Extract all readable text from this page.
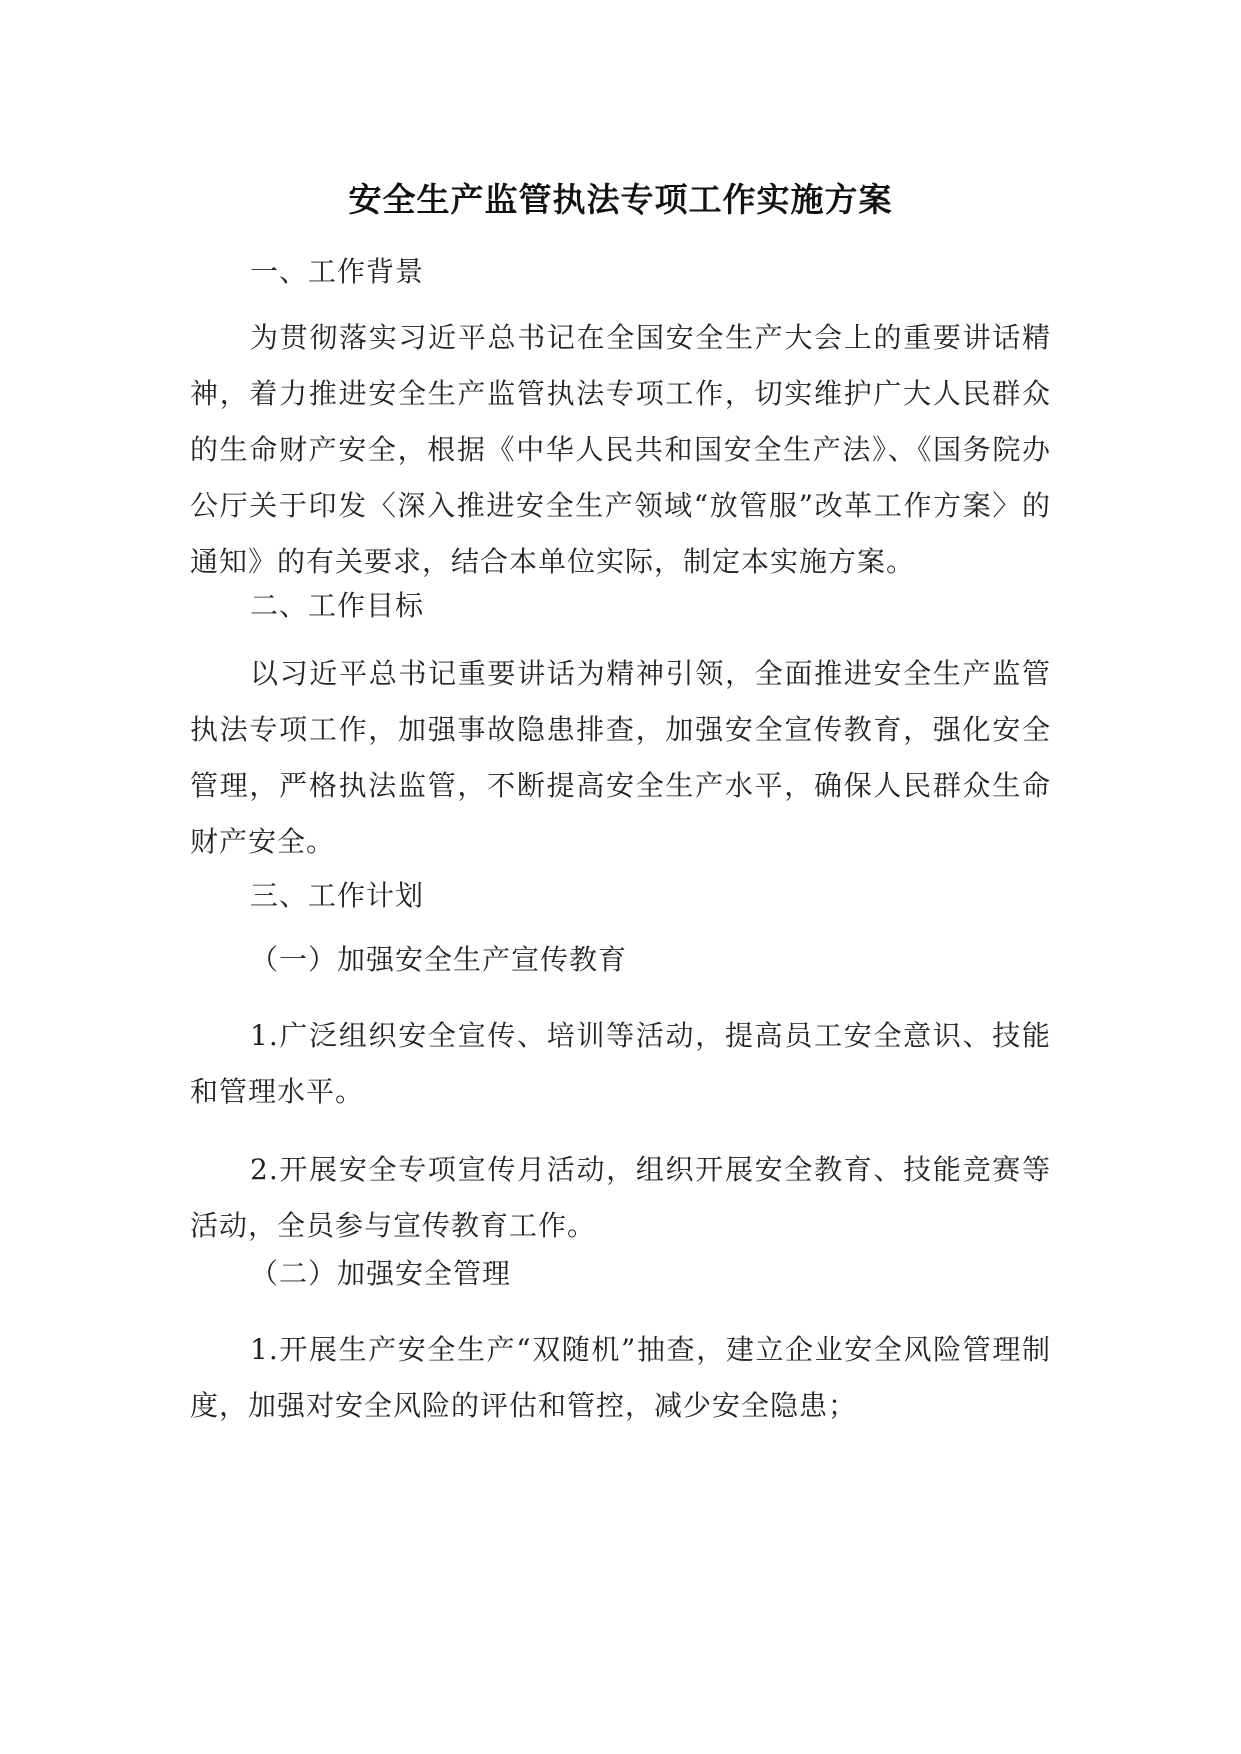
安全生产监管执法专项工作实施方案

一、工作背景

为贯彻落实习近平总书记在全国安全生产大会上的重要讲话精神，着力推进安全生产监管执法专项工作，切实维护广大人民群众的生命财产安全，根据《中华人民共和国安全生产法》、《国务院办公厅关于印发〈深入推进安全生产领域“放管服”改革工作方案〉的通知》的有关要求，结合本单位实际，制定本实施方案。

二、工作目标

以习近平总书记重要讲话为精神引领，全面推进安全生产监管执法专项工作，加强事故隐患排查，加强安全宣传教育，强化安全管理，严格执法监管，不断提高安全生产水平，确保人民群众生命财产安全。

三、工作计划

（一）加强安全生产宣传教育

1.广泛组织安全宣传、培训等活动，提高员工安全意识、技能和管理水平。

2.开展安全专项宣传月活动，组织开展安全教育、技能竞赛等活动，全员参与宣传教育工作。

（二）加强安全管理

1.开展生产安全生产“双随机”抽查，建立企业安全风险管理制度，加强对安全风险的评估和管控，减少安全隐患；
